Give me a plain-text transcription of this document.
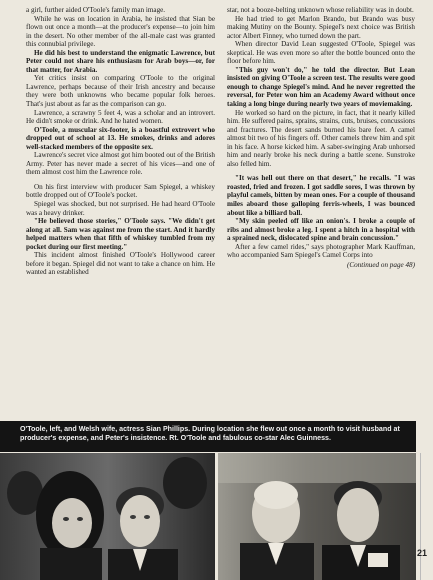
a girl, further aided O'Toole's family man image.

While he was on location in Arabia, he insisted that Sian be flown out once a month—at the producer's expense—to join him in the desert. No other member of the all-male cast was granted this connubial privilege.

He did his best to understand the enigmatic Lawrence, but Peter could not share his enthusiasm for Arab boys—or, for that matter, for Arabia.

Yet critics insist on comparing O'Toole to the original Lawrence, perhaps because of their Irish ancestry and because they were both unknowns who became popular folk heroes. That's just about as far as the comparison can go.

Lawrence, a scrawny 5 feet 4, was a scholar and an introvert. He didn't smoke or drink. And he hated women.

O'Toole, a muscular six-footer, is a boastful extrovert who dropped out of school at 13. He smokes, drinks and adores well-stacked members of the opposite sex.

Lawrence's secret vice almost got him booted out of the British Army. Peter has never made a secret of his vices—and one of them almost cost him the Lawrence role.

On his first interview with producer Sam Spiegel, a whiskey bottle dropped out of O'Toole's pocket.

Spiegel was shocked, but not surprised. He had heard O'Toole was a heavy drinker.

"He believed those stories," O'Toole says. "We didn't get along at all. Sam was against me from the start. And it hardly helped matters when that fifth of whiskey tumbled from my pocket during our first meeting."

This incident almost finished O'Toole's Hollywood career before it began. Spiegel did not want to take a chance on him. He wanted an established

star, not a booze-belting unknown whose reliability was in doubt.

He had tried to get Marlon Brando, but Brando was busy making Mutiny on the Bounty. Spiegel's next choice was British actor Albert Finney, who turned down the part.

When director David Lean suggested O'Toole, Spiegel was skeptical. He was even more so after the bottle bounced onto the floor before him.

"This guy won't do," he told the director. But Lean insisted on giving O'Toole a screen test. The results were good enough to change Spiegel's mind. And he never regretted the reversal, for Peter won him an Academy Award without once taking a long binge during nearly two years of moviemaking.

He worked so hard on the picture, in fact, that it nearly killed him. He suffered pains, sprains, strains, cuts, bruises, concussions and fractures. The desert sands burned his bare feet. A camel almost bit two of his fingers off. Other camels threw him and spit in his face. A horse kicked him. A saber-swinging Arab unhorsed him and nearly broke his neck during a battle scene. Sunstroke also felled him.

"It was hell out there on that desert," he recalls. "I was roasted, fried and frozen. I got saddle sores, I was thrown by playful camels, bitten by mean ones. For a couple of thousand miles aboard those galloping ferris-wheels, I was bounced about like a billiard ball.

"My skin peeled off like an onion's. I broke a couple of ribs and almost broke a leg. I spent a hitch in a hospital with a sprained neck, dislocated spine and brain concussion."

After a few camel rides," says photographer Mark Kauffman, who accompanied Sam Spiegel's Camel Corps into

(Continued on page 48)
O'Toole, left, and Welsh wife, actress Sian Phillips. During location she flew out once a month to visit husband at producer's expense, and Peter's insistence. Rt. O'Toole and fabulous co-star Alec Guinness.
21
